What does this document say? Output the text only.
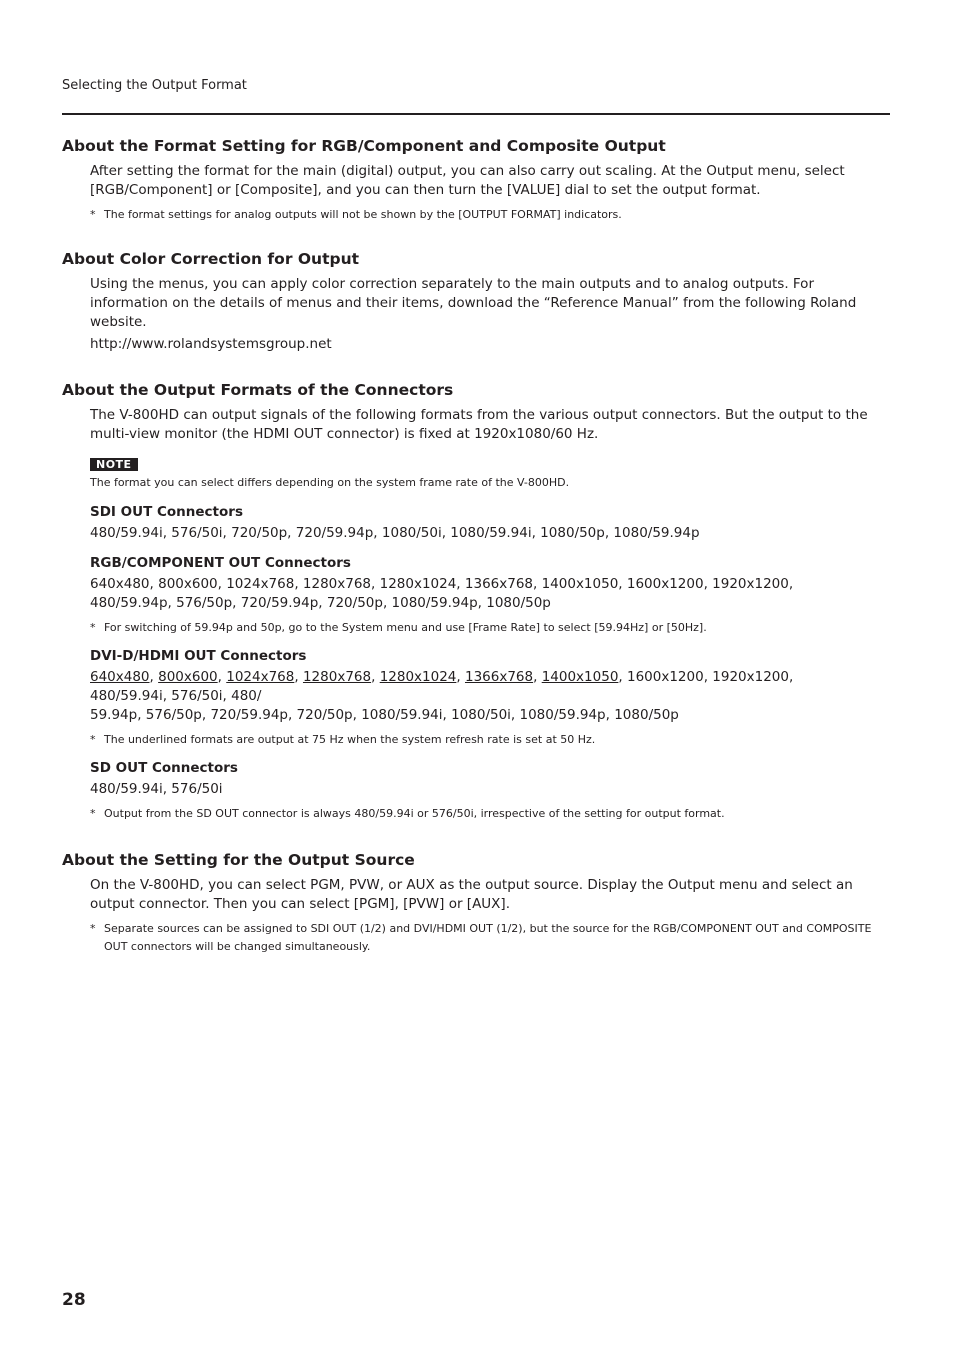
Selecting the Output Format
About the Format Setting for RGB/Component and Composite Output

After setting the format for the main (digital) output, you can also carry out scaling. At the Output menu, select [RGB/Component] or [Composite], and you can then turn the [VALUE] dial to set the output format.

* The format settings for analog outputs will not be shown by the [OUTPUT FORMAT] indicators.
About Color Correction for Output

Using the menus, you can apply color correction separately to the main outputs and to analog outputs. For information on the details of menus and their items, download the “Reference Manual” from the following Roland website.

http://www.rolandsystemsgroup.net

About the Output Formats of the Connectors

The V-800HD can output signals of the following formats from the various output connectors. But the output to the multi-view monitor (the HDMI OUT connector) is fixed at 1920x1080/60 Hz.

NOTE

The format you can select differs depending on the system frame rate of the V-800HD.

SDI OUT Connectors

480/59.94i, 576/50i, 720/50p, 720/59.94p, 1080/50i, 1080/59.94i, 1080/50p, 1080/59.94p

RGB/COMPONENT OUT Connectors

640x480, 800x600, 1024x768, 1280x768, 1280x1024, 1366x768, 1400x1050, 1600x1200, 1920x1200,

480/59.94p, 576/50p, 720/59.94p, 720/50p, 1080/59.94p, 1080/50p

* For switching of 59.94p and 50p, go to the System menu and use [Frame Rate] to select [59.94Hz] or [50Hz].
DVI-D/HDMI OUT Connectors

640x480, 800x600, 1024x768, 1280x768, 1280x1024, 1366x768, 1400x1050, 1600x1200, 1920x1200, 480/59.94i, 576/50i, 480/

59.94p, 576/50p, 720/59.94p, 720/50p, 1080/59.94i, 1080/50i, 1080/59.94p, 1080/50p

* The underlined formats are output at 75 Hz when the system refresh rate is set at 50 Hz.
SD OUT Connectors

480/59.94i, 576/50i

* Output from the SD OUT connector is always 480/59.94i or 576/50i, irrespective of the setting for output format.
About the Setting for the Output Source

On the V-800HD, you can select PGM, PVW, or AUX as the output source. Display the Output menu and select an output connector. Then you can select [PGM], [PVW] or [AUX].

* Separate sources can be assigned to SDI OUT (1/2) and DVI/HDMI OUT (1/2), but the source for the RGB/COMPONENT OUT and COMPOSITE OUT connectors will be changed simultaneously.
28
